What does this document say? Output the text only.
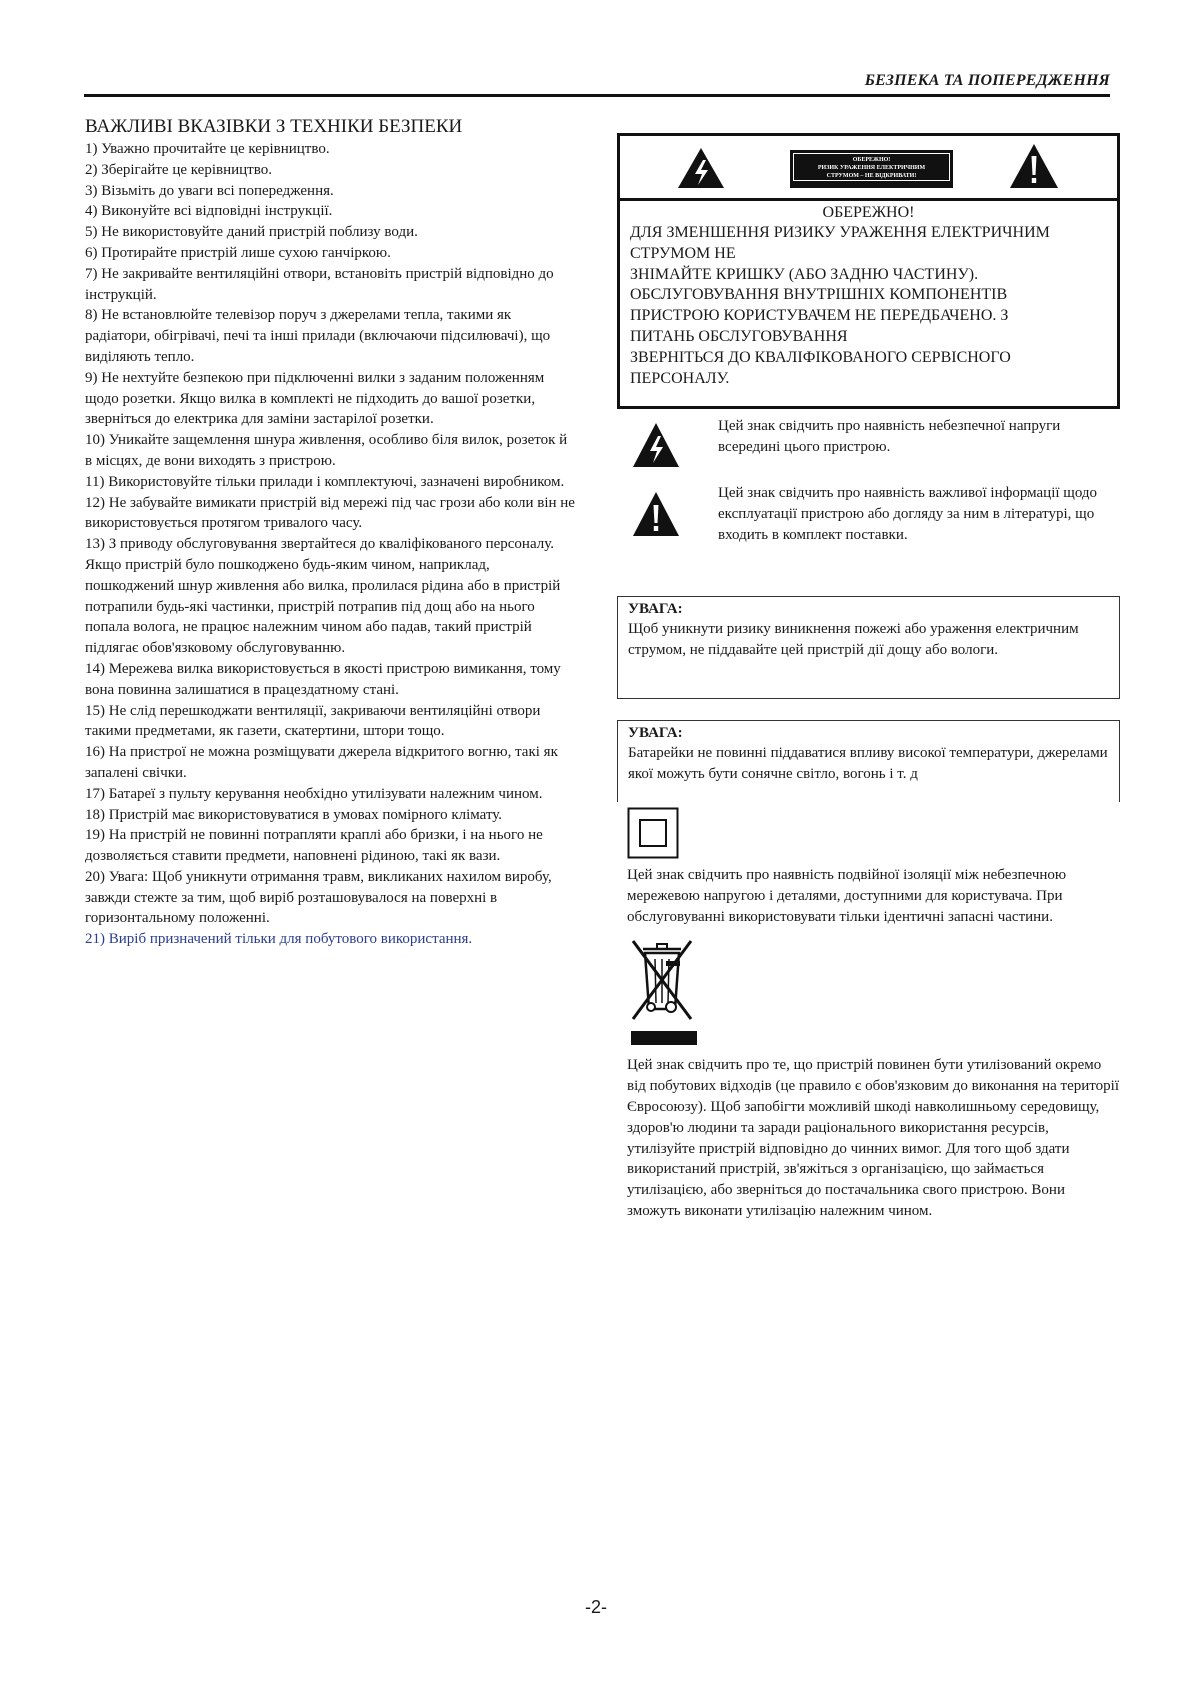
БЕЗПЕКА ТА ПОПЕРЕДЖЕННЯ
ВАЖЛИВІ ВКАЗІВКИ З ТЕХНІКИ БЕЗПЕКИ
1) Уважно прочитайте це керівництво.
2) Зберігайте це керівництво.
3) Візьміть до уваги всі попередження.
4) Виконуйте всі відповідні інструкції.
5) Не використовуйте даний пристрій поблизу води.
6) Протирайте пристрій лише сухою ганчіркою.
7) Не закривайте вентиляційні отвори, встановіть пристрій відповідно до інструкцій.
8) Не встановлюйте телевізор поруч з джерелами тепла, такими як радіатори, обігрівачі, печі та інші прилади (включаючи підсилювачі), що виділяють тепло.
9) Не нехтуйте безпекою при підключенні вилки з заданим положенням щодо розетки. Якщо вилка в комплекті не підходить до вашої розетки, зверніться до електрика для заміни застарілої розетки.
10) Уникайте защемлення шнура живлення, особливо біля вилок, розеток й в місцях, де вони виходять з пристрою.
11) Використовуйте тільки прилади і комплектуючі, зазначені виробником.
12) Не забувайте вимикати пристрій від мережі під час грози або коли він не використовується протягом тривалого часу.
13) З приводу обслуговування звертайтеся до кваліфікованого персоналу. Якщо пристрій було пошкоджено будь-яким чином, наприклад, пошкоджений шнур живлення або вилка, пролилася рідина або в пристрій потрапили будь-які частинки, пристрій потрапив під дощ або на нього попала волога, не працює належним чином або падав, такий пристрій підлягає обов'язковому обслуговуванню.
14) Мережева вилка використовується в якості пристрою вимикання, тому вона повинна залишатися в працездатному стані.
15) Не слід перешкоджати вентиляції, закриваючи вентиляційні отвори такими предметами, як газети, скатертини, штори тощо.
16) На пристрої не можна розміщувати джерела відкритого вогню, такі як запалені свічки.
17) Батареї з пульту керування необхідно утилізувати належним чином.
18) Пристрій має використовуватися в умовах помірного клімату.
19) На пристрій не повинні потрапляти краплі або бризки, і на нього не дозволяється ставити предмети, наповнені рідиною, такі як вази.
20) Увага: Щоб уникнути отримання травм, викликаних нахилом виробу, завжди стежте за тим, щоб виріб розташовувалося на поверхні в горизонтальному положенні.
21) Виріб призначений тільки для побутового використання.
ОБЕРЕЖНО!
РИЗИК УРАЖЕННЯ ЕЛЕКТРИЧНИМ
СТРУМОМ – НЕ ВІДКРИВАТИ!
ОБЕРЕЖНО!
ДЛЯ ЗМЕНШЕННЯ РИЗИКУ УРАЖЕННЯ ЕЛЕКТРИЧНИМ
СТРУМОМ НЕ
ЗНІМАЙТЕ КРИШКУ (АБО ЗАДНЮ ЧАСТИНУ).
ОБСЛУГОВУВАННЯ ВНУТРІШНІХ КОМПОНЕНТІВ
ПРИСТРОЮ КОРИСТУВАЧЕМ НЕ ПЕРЕДБАЧЕНО. З
ПИТАНЬ ОБСЛУГОВУВАННЯ
ЗВЕРНІТЬСЯ ДО КВАЛІФІКОВАНОГО СЕРВІСНОГО
ПЕРСОНАЛУ.
Цей знак свідчить про наявність небезпечної напруги всередині цього пристрою.
Цей знак свідчить про наявність важливої інформації щодо експлуатації пристрою або догляду за ним в літературі, що входить в комплект поставки.
УВАГА:
Щоб уникнути ризику виникнення пожежі або ураження електричним струмом, не піддавайте цей пристрій дії дощу або вологи.
УВАГА:
Батарейки не повинні піддаватися впливу високої температури, джерелами якої можуть бути сонячне світло, вогонь і т. д
Цей знак свідчить про наявність подвійної ізоляції між небезпечною мережевою напругою і деталями, доступними для користувача. При обслуговуванні використовувати тільки ідентичні запасні частини.
Цей знак свідчить про те, що пристрій повинен бути утилізований окремо від побутових відходів (це правило є обов'язковим до виконання на території Євросоюзу). Щоб запобігти можливій шкоді навколишньому середовищу, здоров'ю людини та заради раціонального використання ресурсів, утилізуйте пристрій відповідно до чинних вимог. Для того щоб здати використаний пристрій, зв'яжіться з організацією, що займається утилізацією, або зверніться до постачальника свого пристрою. Вони зможуть виконати утилізацію належним чином.
-2-
